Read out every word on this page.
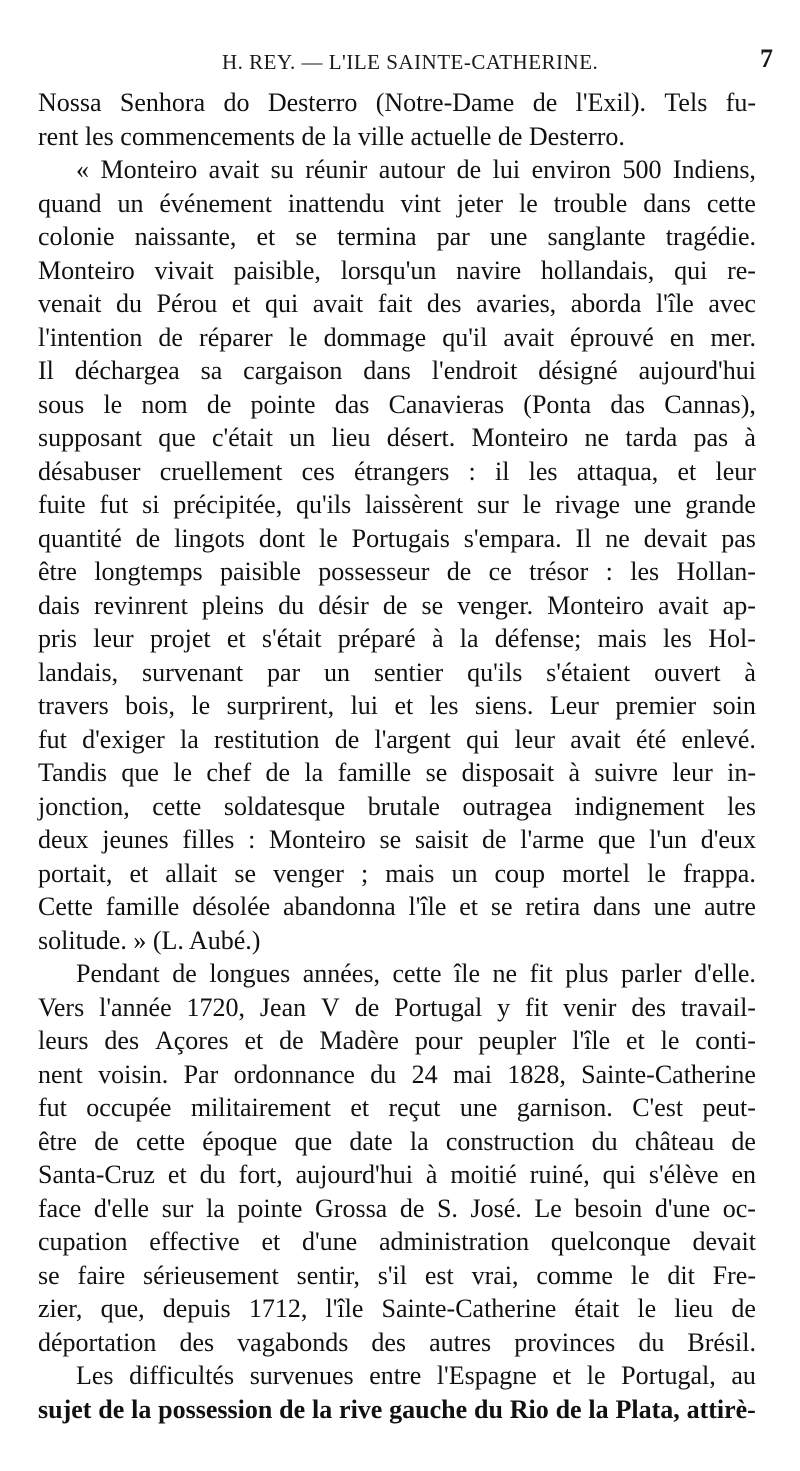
H. REY. — L'ILE SAINTE-CATHERINE.	7
Nossa Senhora do Desterro (Notre-Dame de l'Exil). Tels fu-
rent les commencements de la ville actuelle de Desterro.
« Monteiro avait su réunir autour de lui environ 500 Indiens,
quand un événement inattendu vint jeter le trouble dans cette
colonie naissante, et se termina par une sanglante tragédie.
Monteiro vivait paisible, lorsqu'un navire hollandais, qui re-
venait du Pérou et qui avait fait des avaries, aborda l'île avec
l'intention de réparer le dommage qu'il avait éprouvé en mer.
Il déchargea sa cargaison dans l'endroit désigné aujourd'hui
sous le nom de pointe das Canavieras (Ponta das Cannas),
supposant que c'était un lieu désert. Monteiro ne tarda pas à
désabuser cruellement ces étrangers : il les attaqua, et leur
fuite fut si précipitée, qu'ils laissèrent sur le rivage une grande
quantité de lingots dont le Portugais s'empara. Il ne devait pas
être longtemps paisible possesseur de ce trésor : les Hollan-
dais revinrent pleins du désir de se venger. Monteiro avait ap-
pris leur projet et s'était préparé à la défense; mais les Hol-
landais, survenant par un sentier qu'ils s'étaient ouvert à
travers bois, le surprirent, lui et les siens. Leur premier soin
fut d'exiger la restitution de l'argent qui leur avait été enlevé.
Tandis que le chef de la famille se disposait à suivre leur in-
jonction, cette soldatesque brutale outragea indignement les
deux jeunes filles : Monteiro se saisit de l'arme que l'un d'eux
portait, et allait se venger ; mais un coup mortel le frappa.
Cette famille désolée abandonna l'île et se retira dans une autre
solitude. » (L. Aubé.)
Pendant de longues années, cette île ne fit plus parler d'elle.
Vers l'année 1720, Jean V de Portugal y fit venir des travail-
leurs des Açores et de Madère pour peupler l'île et le conti-
nent voisin. Par ordonnance du 24 mai 1828, Sainte-Catherine
fut occupée militairement et reçut une garnison. C'est peut-
être de cette époque que date la construction du château de
Santa-Cruz et du fort, aujourd'hui à moitié ruiné, qui s'élève en
face d'elle sur la pointe Grossa de S. José. Le besoin d'une oc-
cupation effective et d'une administration quelconque devait
se faire sérieusement sentir, s'il est vrai, comme le dit Fre-
zier, que, depuis 1712, l'île Sainte-Catherine était le lieu de
déportation des vagabonds des autres provinces du Brésil.
Les difficultés survenues entre l'Espagne et le Portugal, au
sujet de la possession de la rive gauche du Rio de la Plata, attirè-
